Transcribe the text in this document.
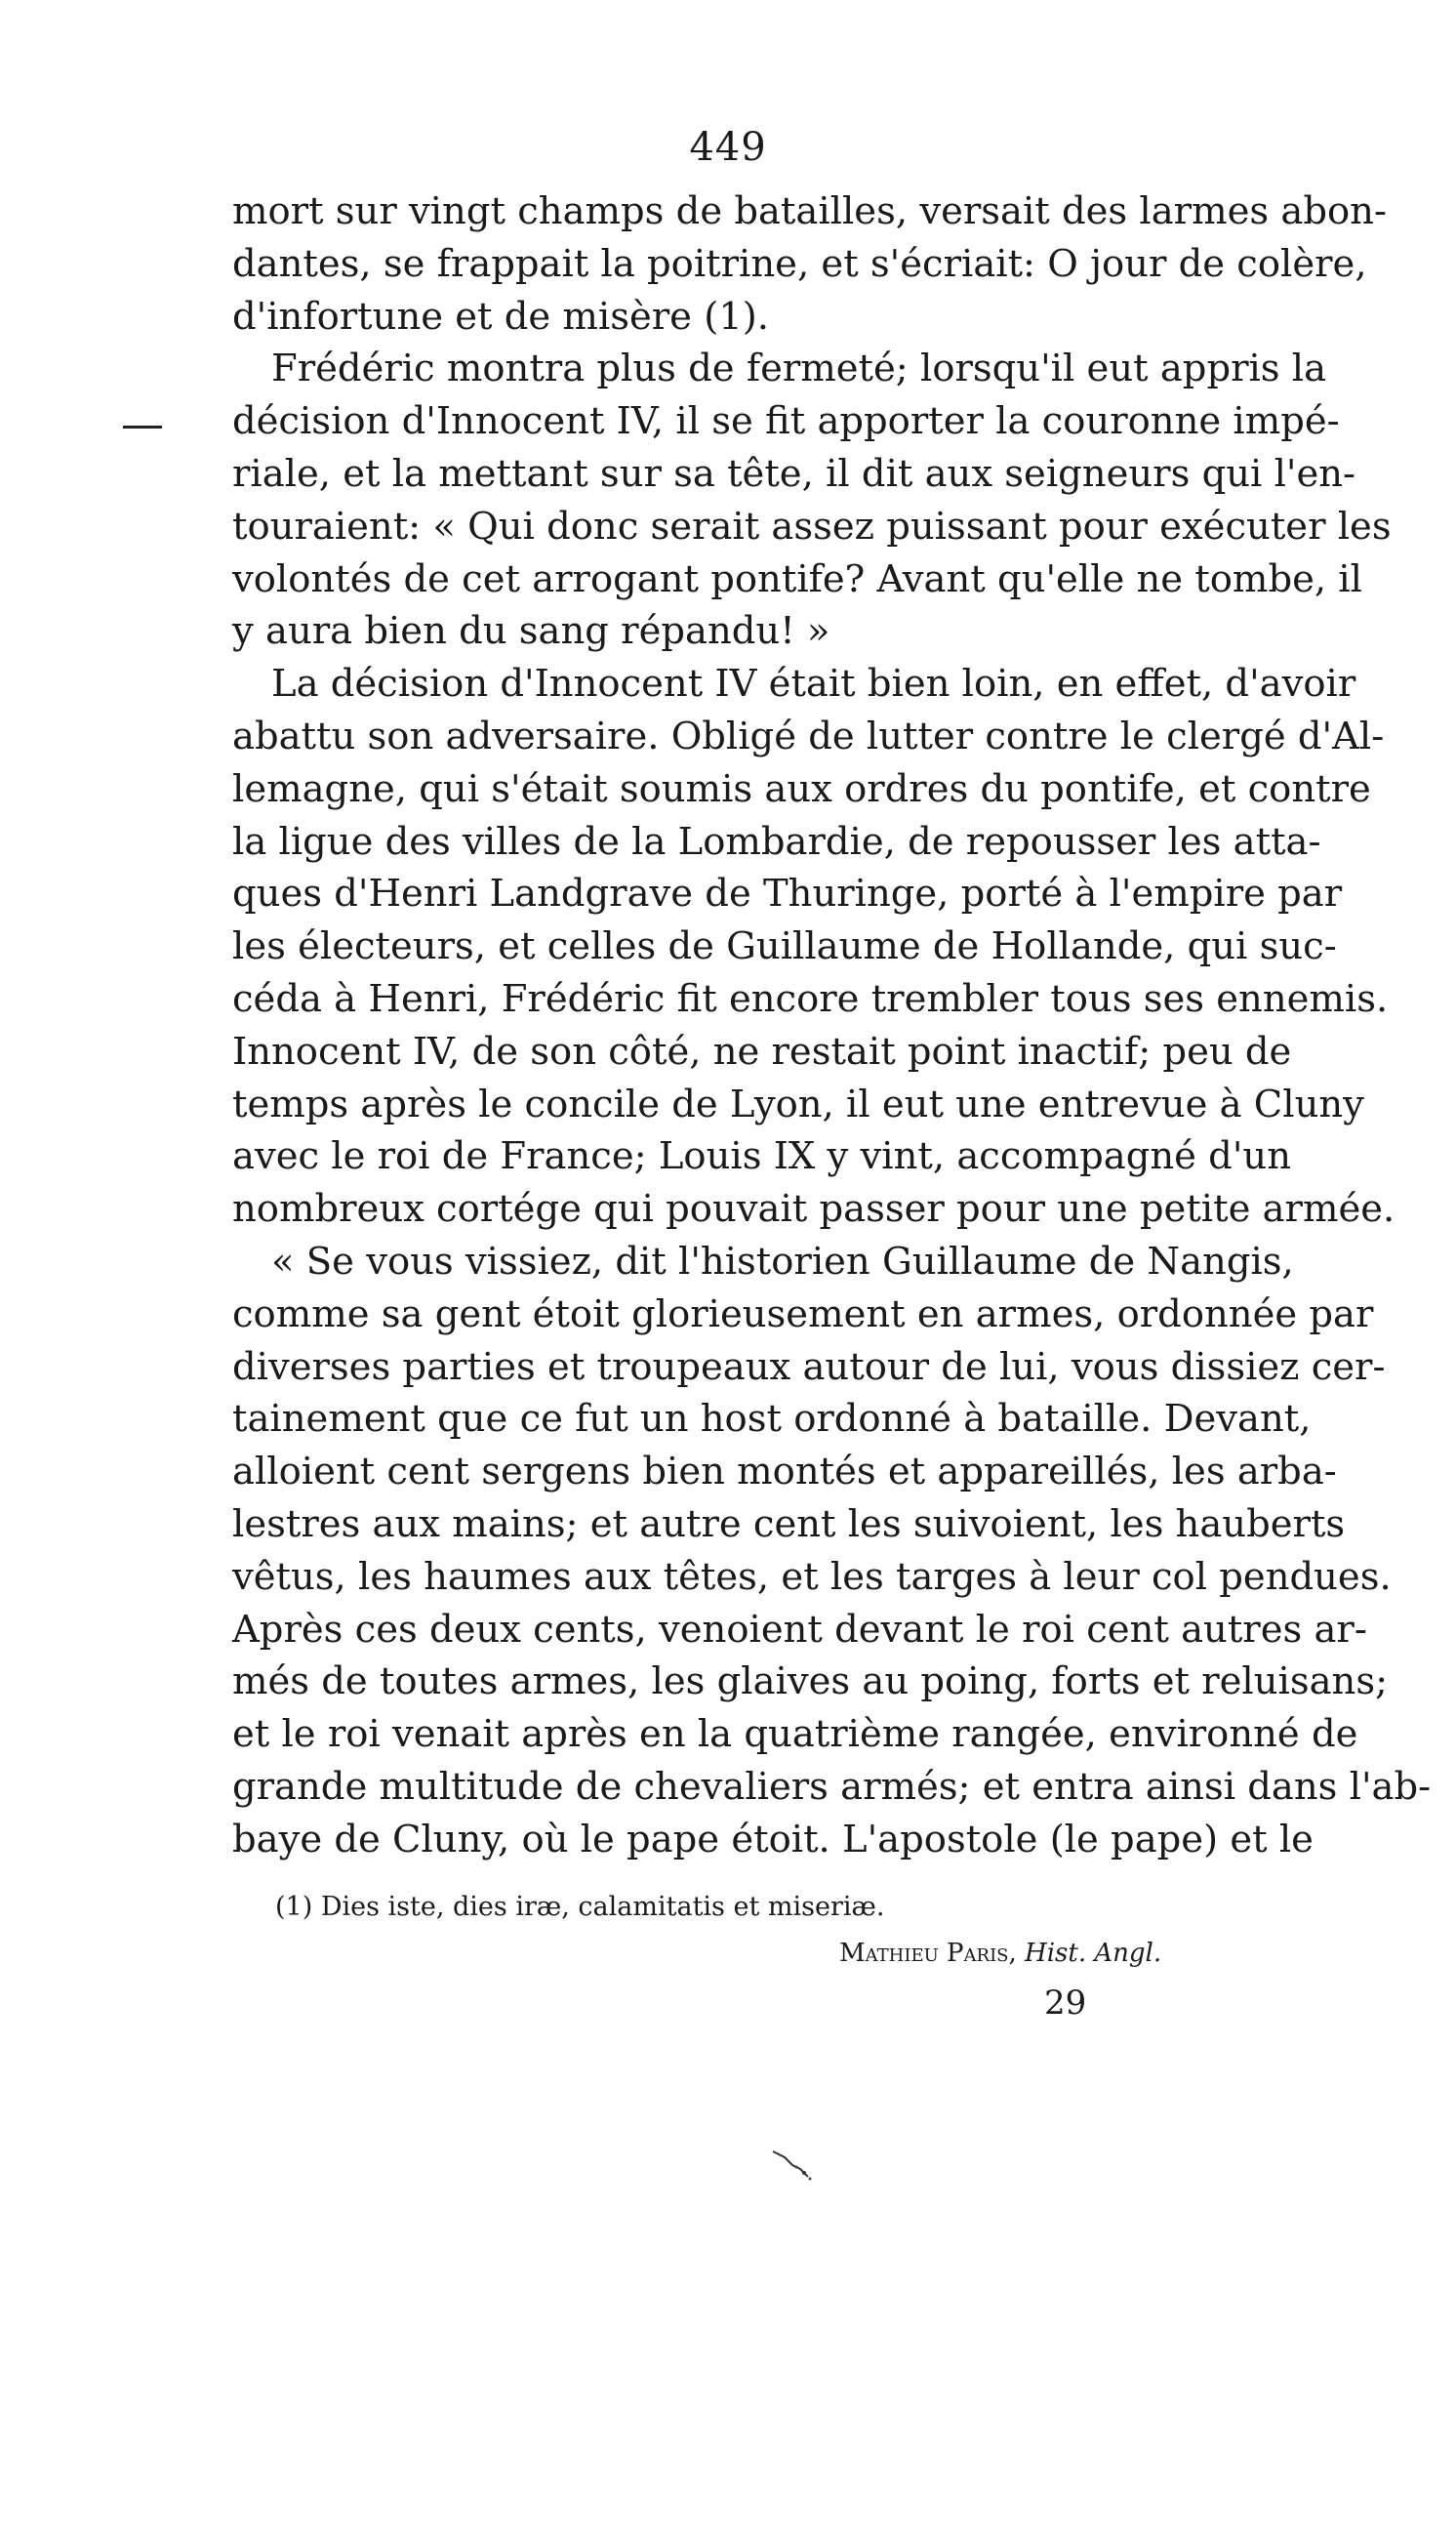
449
mort sur vingt champs de batailles, versait des larmes abon-
dantes, se frappait la poitrine, et s'écriait: O jour de colère,
d'infortune et de misère (1).
Frédéric montra plus de fermeté; lorsqu'il eut appris la
décision d'Innocent IV, il se fit apporter la couronne impé-
riale, et la mettant sur sa tête, il dit aux seigneurs qui l'en-
touraient: « Qui donc serait assez puissant pour exécuter les
volontés de cet arrogant pontife? Avant qu'elle ne tombe, il
y aura bien du sang répandu! »
La décision d'Innocent IV était bien loin, en effet, d'avoir
abattu son adversaire. Obligé de lutter contre le clergé d'Al-
lemagne, qui s'était soumis aux ordres du pontife, et contre
la ligue des villes de la Lombardie, de repousser les atta-
ques d'Henri Landgrave de Thuringe, porté à l'empire par
les électeurs, et celles de Guillaume de Hollande, qui suc-
céda à Henri, Frédéric fit encore trembler tous ses ennemis.
Innocent IV, de son côté, ne restait point inactif; peu de
temps après le concile de Lyon, il eut une entrevue à Cluny
avec le roi de France; Louis IX y vint, accompagné d'un
nombreux cortége qui pouvait passer pour une petite armée.
« Se vous vissiez, dit l'historien Guillaume de Nangis,
comme sa gent étoit glorieusement en armes, ordonnée par
diverses parties et troupeaux autour de lui, vous dissiez cer-
tainement que ce fut un host ordonné à bataille. Devant,
alloient cent sergens bien montés et appareillés, les arba-
lestres aux mains; et autre cent les suivoient, les hauberts
vêtus, les haumes aux têtes, et les targes à leur col pendues.
Après ces deux cents, venoient devant le roi cent autres ar-
més de toutes armes, les glaives au poing, forts et reluisans;
et le roi venait après en la quatrième rangée, environné de
grande multitude de chevaliers armés; et entra ainsi dans l'ab-
baye de Cluny, où le pape étoit. L'apostole (le pape) et le
(1) Dies iste, dies iræ, calamitatis et miseriæ.
Mathieu Paris, Hist. Angl.
29
